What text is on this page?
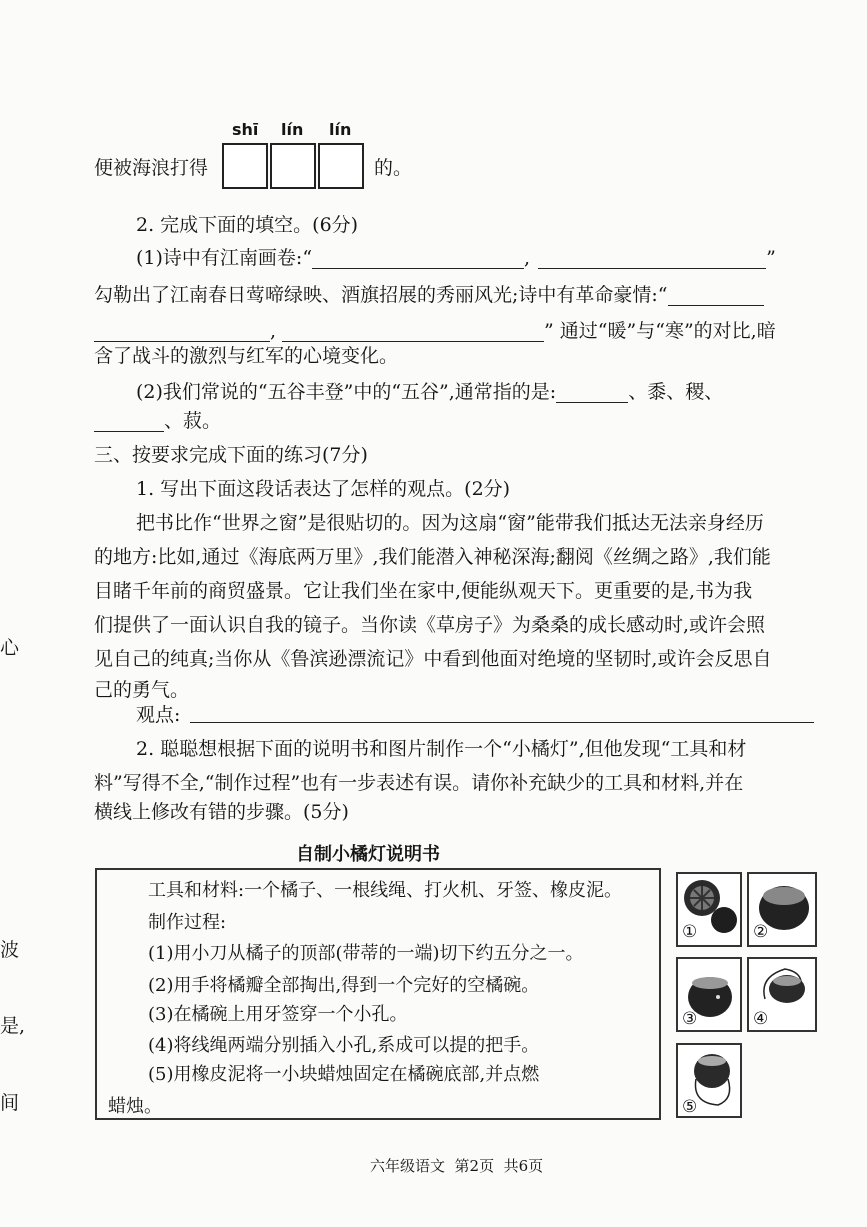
shī lín lín
便被海浪打得	的。
2. 完成下面的填空。(6分)
(1)诗中有江南画卷:“	,	”
勾勒出了江南春日莺啼绿映、酒旗招展的秀丽风光;诗中有革命豪情:“
,	” 通过“暖”与“寒”的对比,暗
含了战斗的激烈与红军的心境变化。
(2)我们常说的“五谷丰登”中的“五谷”,通常指的是:	、黍、稷、
、菽。
三、按要求完成下面的练习(7分)
1. 写出下面这段话表达了怎样的观点。(2分)
把书比作“世界之窗”是很贴切的。因为这扇“窗”能带我们抵达无法亲身经历
的地方:比如,通过《海底两万里》,我们能潜入神秘深海;翻阅《丝绸之路》,我们能
目睹千年前的商贸盛景。它让我们坐在家中,便能纵观天下。更重要的是,书为我
们提供了一面认识自我的镜子。当你读《草房子》为桑桑的成长感动时,或许会照
见自己的纯真;当你从《鲁滨逊漂流记》中看到他面对绝境的坚韧时,或许会反思自
己的勇气。
观点:
2. 聪聪想根据下面的说明书和图片制作一个“小橘灯”,但他发现“工具和材
料”写得不全,“制作过程”也有一步表述有误。请你补充缺少的工具和材料,并在
横线上修改有错的步骤。(5分)
自制小橘灯说明书
工具和材料:一个橘子、一根线绳、打火机、牙签、橡皮泥。
制作过程:
(1)用小刀从橘子的顶部(带蒂的一端)切下约五分之一。
(2)用手将橘瓣全部掏出,得到一个完好的空橘碗。
(3)在橘碗上用牙签穿一个小孔。
(4)将线绳两端分别插入小孔,系成可以提的把手。
(5)用橡皮泥将一小块蜡烛固定在橘碗底部,并点燃
蜡烛。
①	②
③	④
⑤
心
波
是,
间
六年级语文  第2页  共6页
